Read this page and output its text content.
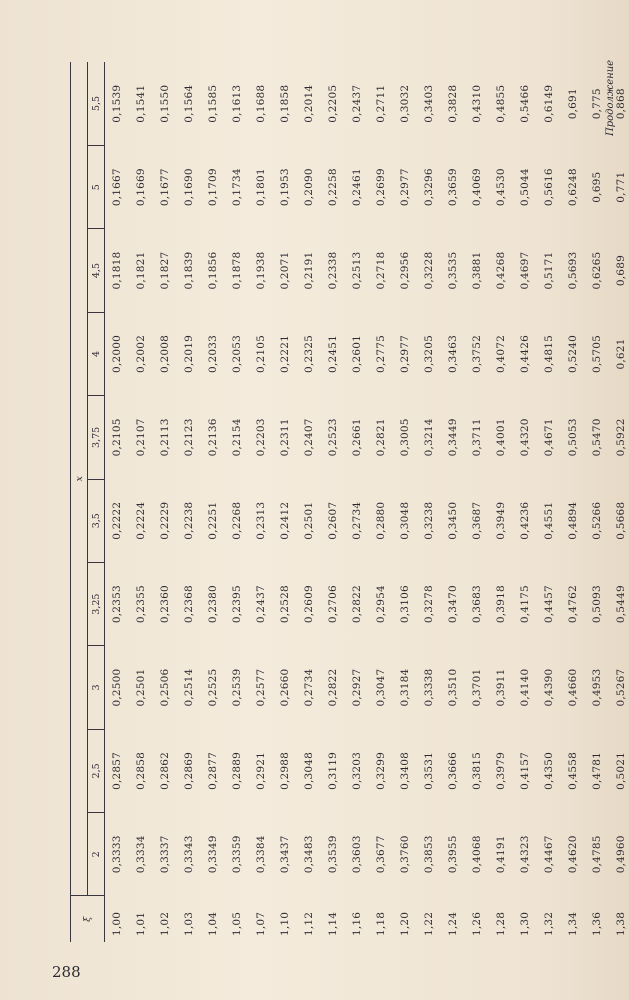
Продолжение
ξ	x									
	2	2,5	3	3,25	3,5	3,75	4	4,5	5	5,5
1,00	0,3333	0,2857	0,2500	0,2353	0,2222	0,2105	0,2000	0,1818	0,1667	0,1539
1,01	0,3334	0,2858	0,2501	0,2355	0,2224	0,2107	0,2002	0,1821	0,1669	0,1541
1,02	0,3337	0,2862	0,2506	0,2360	0,2229	0,2113	0,2008	0,1827	0,1677	0,1550
1,03	0,3343	0,2869	0,2514	0,2368	0,2238	0,2123	0,2019	0,1839	0,1690	0,1564
1,04	0,3349	0,2877	0,2525	0,2380	0,2251	0,2136	0,2033	0,1856	0,1709	0,1585
1,05	0,3359	0,2889	0,2539	0,2395	0,2268	0,2154	0,2053	0,1878	0,1734	0,1613
1,07	0,3384	0,2921	0,2577	0,2437	0,2313	0,2203	0,2105	0,1938	0,1801	0,1688
1,10	0,3437	0,2988	0,2660	0,2528	0,2412	0,2311	0,2221	0,2071	0,1953	0,1858
1,12	0,3483	0,3048	0,2734	0,2609	0,2501	0,2407	0,2325	0,2191	0,2090	0,2014
1,14	0,3539	0,3119	0,2822	0,2706	0,2607	0,2523	0,2451	0,2338	0,2258	0,2205
1,16	0,3603	0,3203	0,2927	0,2822	0,2734	0,2661	0,2601	0,2513	0,2461	0,2437
1,18	0,3677	0,3299	0,3047	0,2954	0,2880	0,2821	0,2775	0,2718	0,2699	0,2711
1,20	0,3760	0,3408	0,3184	0,3106	0,3048	0,3005	0,2977	0,2956	0,2977	0,3032
1,22	0,3853	0,3531	0,3338	0,3278	0,3238	0,3214	0,3205	0,3228	0,3296	0,3403
1,24	0,3955	0,3666	0,3510	0,3470	0,3450	0,3449	0,3463	0,3535	0,3659	0,3828
1,26	0,4068	0,3815	0,3701	0,3683	0,3687	0,3711	0,3752	0,3881	0,4069	0,4310
1,28	0,4191	0,3979	0,3911	0,3918	0,3949	0,4001	0,4072	0,4268	0,4530	0,4855
1,30	0,4323	0,4157	0,4140	0,4175	0,4236	0,4320	0,4426	0,4697	0,5044	0,5466
1,32	0,4467	0,4350	0,4390	0,4457	0,4551	0,4671	0,4815	0,5171	0,5616	0,6149
1,34	0,4620	0,4558	0,4660	0,4762	0,4894	0,5053	0,5240	0,5693	0,6248	0,691
1,36	0,4785	0,4781	0,4953	0,5093	0,5266	0,5470	0,5705	0,6265	0,695	0,775
1,38	0,4960	0,5021	0,5267	0,5449	0,5668	0,5922	0,621	0,689	0,771	0,868
288
